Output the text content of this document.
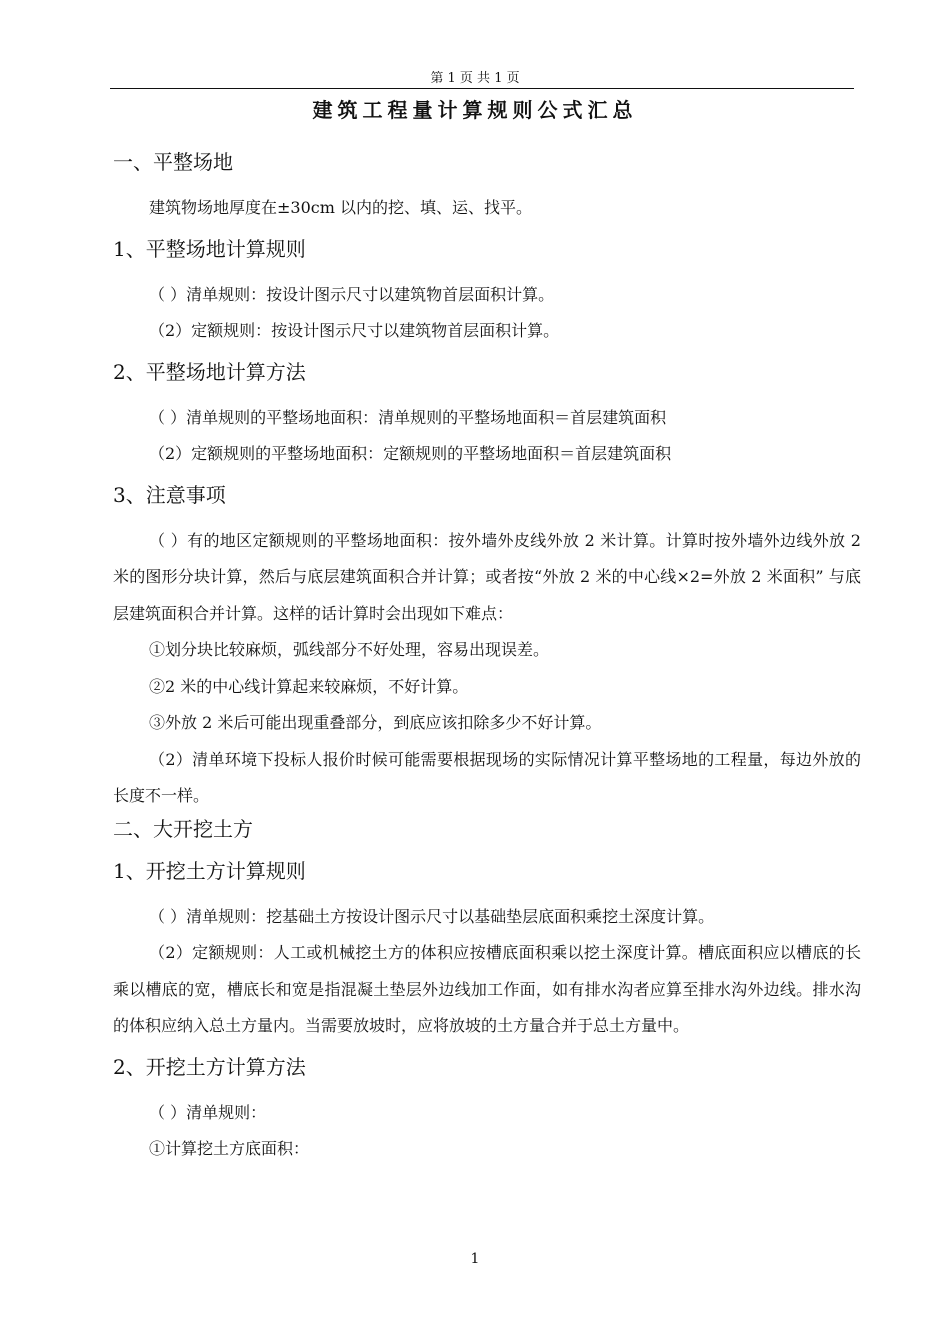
第 1 页 共 1 页
建筑工程量计算规则公式汇总
一、平整场地
建筑物场地厚度在±30cm 以内的挖、填、运、找平。
1、平整场地计算规则
（ ）清单规则：按设计图示尺寸以建筑物首层面积计算。
（2）定额规则：按设计图示尺寸以建筑物首层面积计算。
2、平整场地计算方法
（ ）清单规则的平整场地面积：清单规则的平整场地面积＝首层建筑面积
（2）定额规则的平整场地面积：定额规则的平整场地面积＝首层建筑面积
3、注意事项
（ ）有的地区定额规则的平整场地面积：按外墙外皮线外放 2 米计算。计算时按外墙外边线外放 2 米的图形分块计算，然后与底层建筑面积合并计算；或者按“外放 2 米的中心线×2=外放 2 米面积” 与底层建筑面积合并计算。这样的话计算时会出现如下难点：
①划分块比较麻烦，弧线部分不好处理，容易出现误差。
②2 米的中心线计算起来较麻烦，不好计算。
③外放 2 米后可能出现重叠部分，到底应该扣除多少不好计算。
（2）清单环境下投标人报价时候可能需要根据现场的实际情况计算平整场地的工程量，每边外放的长度不一样。
二、大开挖土方
1、开挖土方计算规则
（ ）清单规则：挖基础土方按设计图示尺寸以基础垫层底面积乘挖土深度计算。
（2）定额规则：人工或机械挖土方的体积应按槽底面积乘以挖土深度计算。槽底面积应以槽底的长乘以槽底的宽，槽底长和宽是指混凝土垫层外边线加工作面，如有排水沟者应算至排水沟外边线。排水沟的体积应纳入总土方量内。当需要放坡时，应将放坡的土方量合并于总土方量中。
2、开挖土方计算方法
（ ）清单规则：
①计算挖土方底面积：
1
